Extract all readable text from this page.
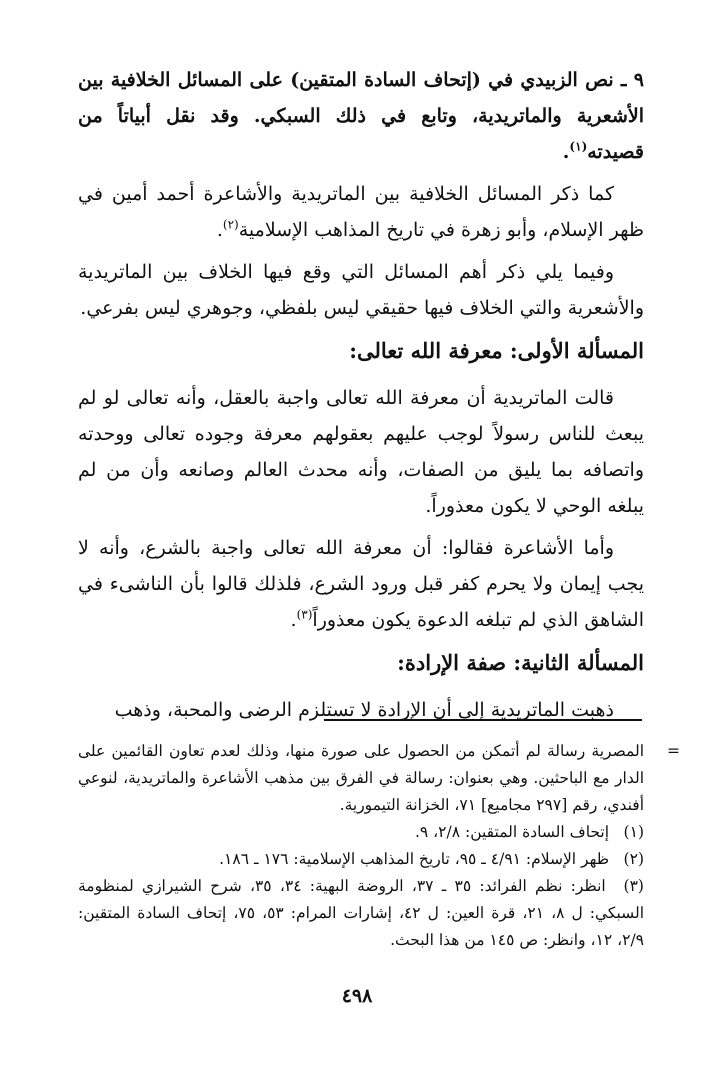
٩ ـ نص الزبيدي في (إتحاف السادة المتقين) على المسائل الخلافية بين الأشعرية والماتريدية، وتابع في ذلك السبكي. وقد نقل أبياتاً من قصيدته$^{(١)}$.

كما ذكر المسائل الخلافية بين الماتريدية والأشاعرة أحمد أمين في ظهر الإسلام، وأبو زهرة في تاريخ المذاهب الإسلامية$^{(٢)}$.

وفيما يلي ذكر أهم المسائل التي وقع فيها الخلاف بين الماتريدية والأشعرية والتي الخلاف فيها حقيقي ليس بلفظي، وجوهري ليس بفرعي.

المسألة الأولى: معرفة الله تعالى:

قالت الماتريدية أن معرفة الله تعالى واجبة بالعقل، وأنه تعالى لو لم يبعث للناس رسولاً لوجب عليهم بعقولهم معرفة وجوده تعالى ووحدته واتصافه بما يليق من الصفات، وأنه محدث العالم وصانعه وأن من لم يبلغه الوحي لا يكون معذوراً.

وأما الأشاعرة فقالوا: أن معرفة الله تعالى واجبة بالشرع، وأنه لا يجب إيمان ولا يحرم كفر قبل ورود الشرع، فلذلك قالوا بأن الناشىء في الشاهق الذي لم تبلغه الدعوة يكون معذوراً$^{(٣)}$.

المسألة الثانية: صفة الإرادة:

ذهبت الماتريدية إلى أن الإرادة لا تستلزم الرضى والمحبة، وذهب

=
المصرية رسالة لم أتمكن من الحصول على صورة منها، وذلك لعدم تعاون القائمين على الدار مع الباحثين. وهي بعنوان: رسالة في الفرق بين مذهب الأشاعرة والماتريدية، لنوعي أفندي، رقم [٢٩٧ مجاميع] ٧١، الخزانة التيمورية.
(١) إتحاف السادة المتقين: ٢/٨، ٩.
(٢) ظهر الإسلام: ٤/٩١ ـ ٩٥، تاريخ المذاهب الإسلامية: ١٧٦ ـ ١٨٦.
(٣) انظر: نظم الفرائد: ٣٥ ـ ٣٧، الروضة البهية: ٣٤، ٣٥، شرح الشيرازي لمنظومة السبكي: ل ٨، ٢١، قرة العين: ل ٤٢، إشارات المرام: ٥٣، ٧٥، إتحاف السادة المتقين: ٢/٩، ١٢، وانظر: ص ١٤٥ من هذا البحث.
٤٩٨
